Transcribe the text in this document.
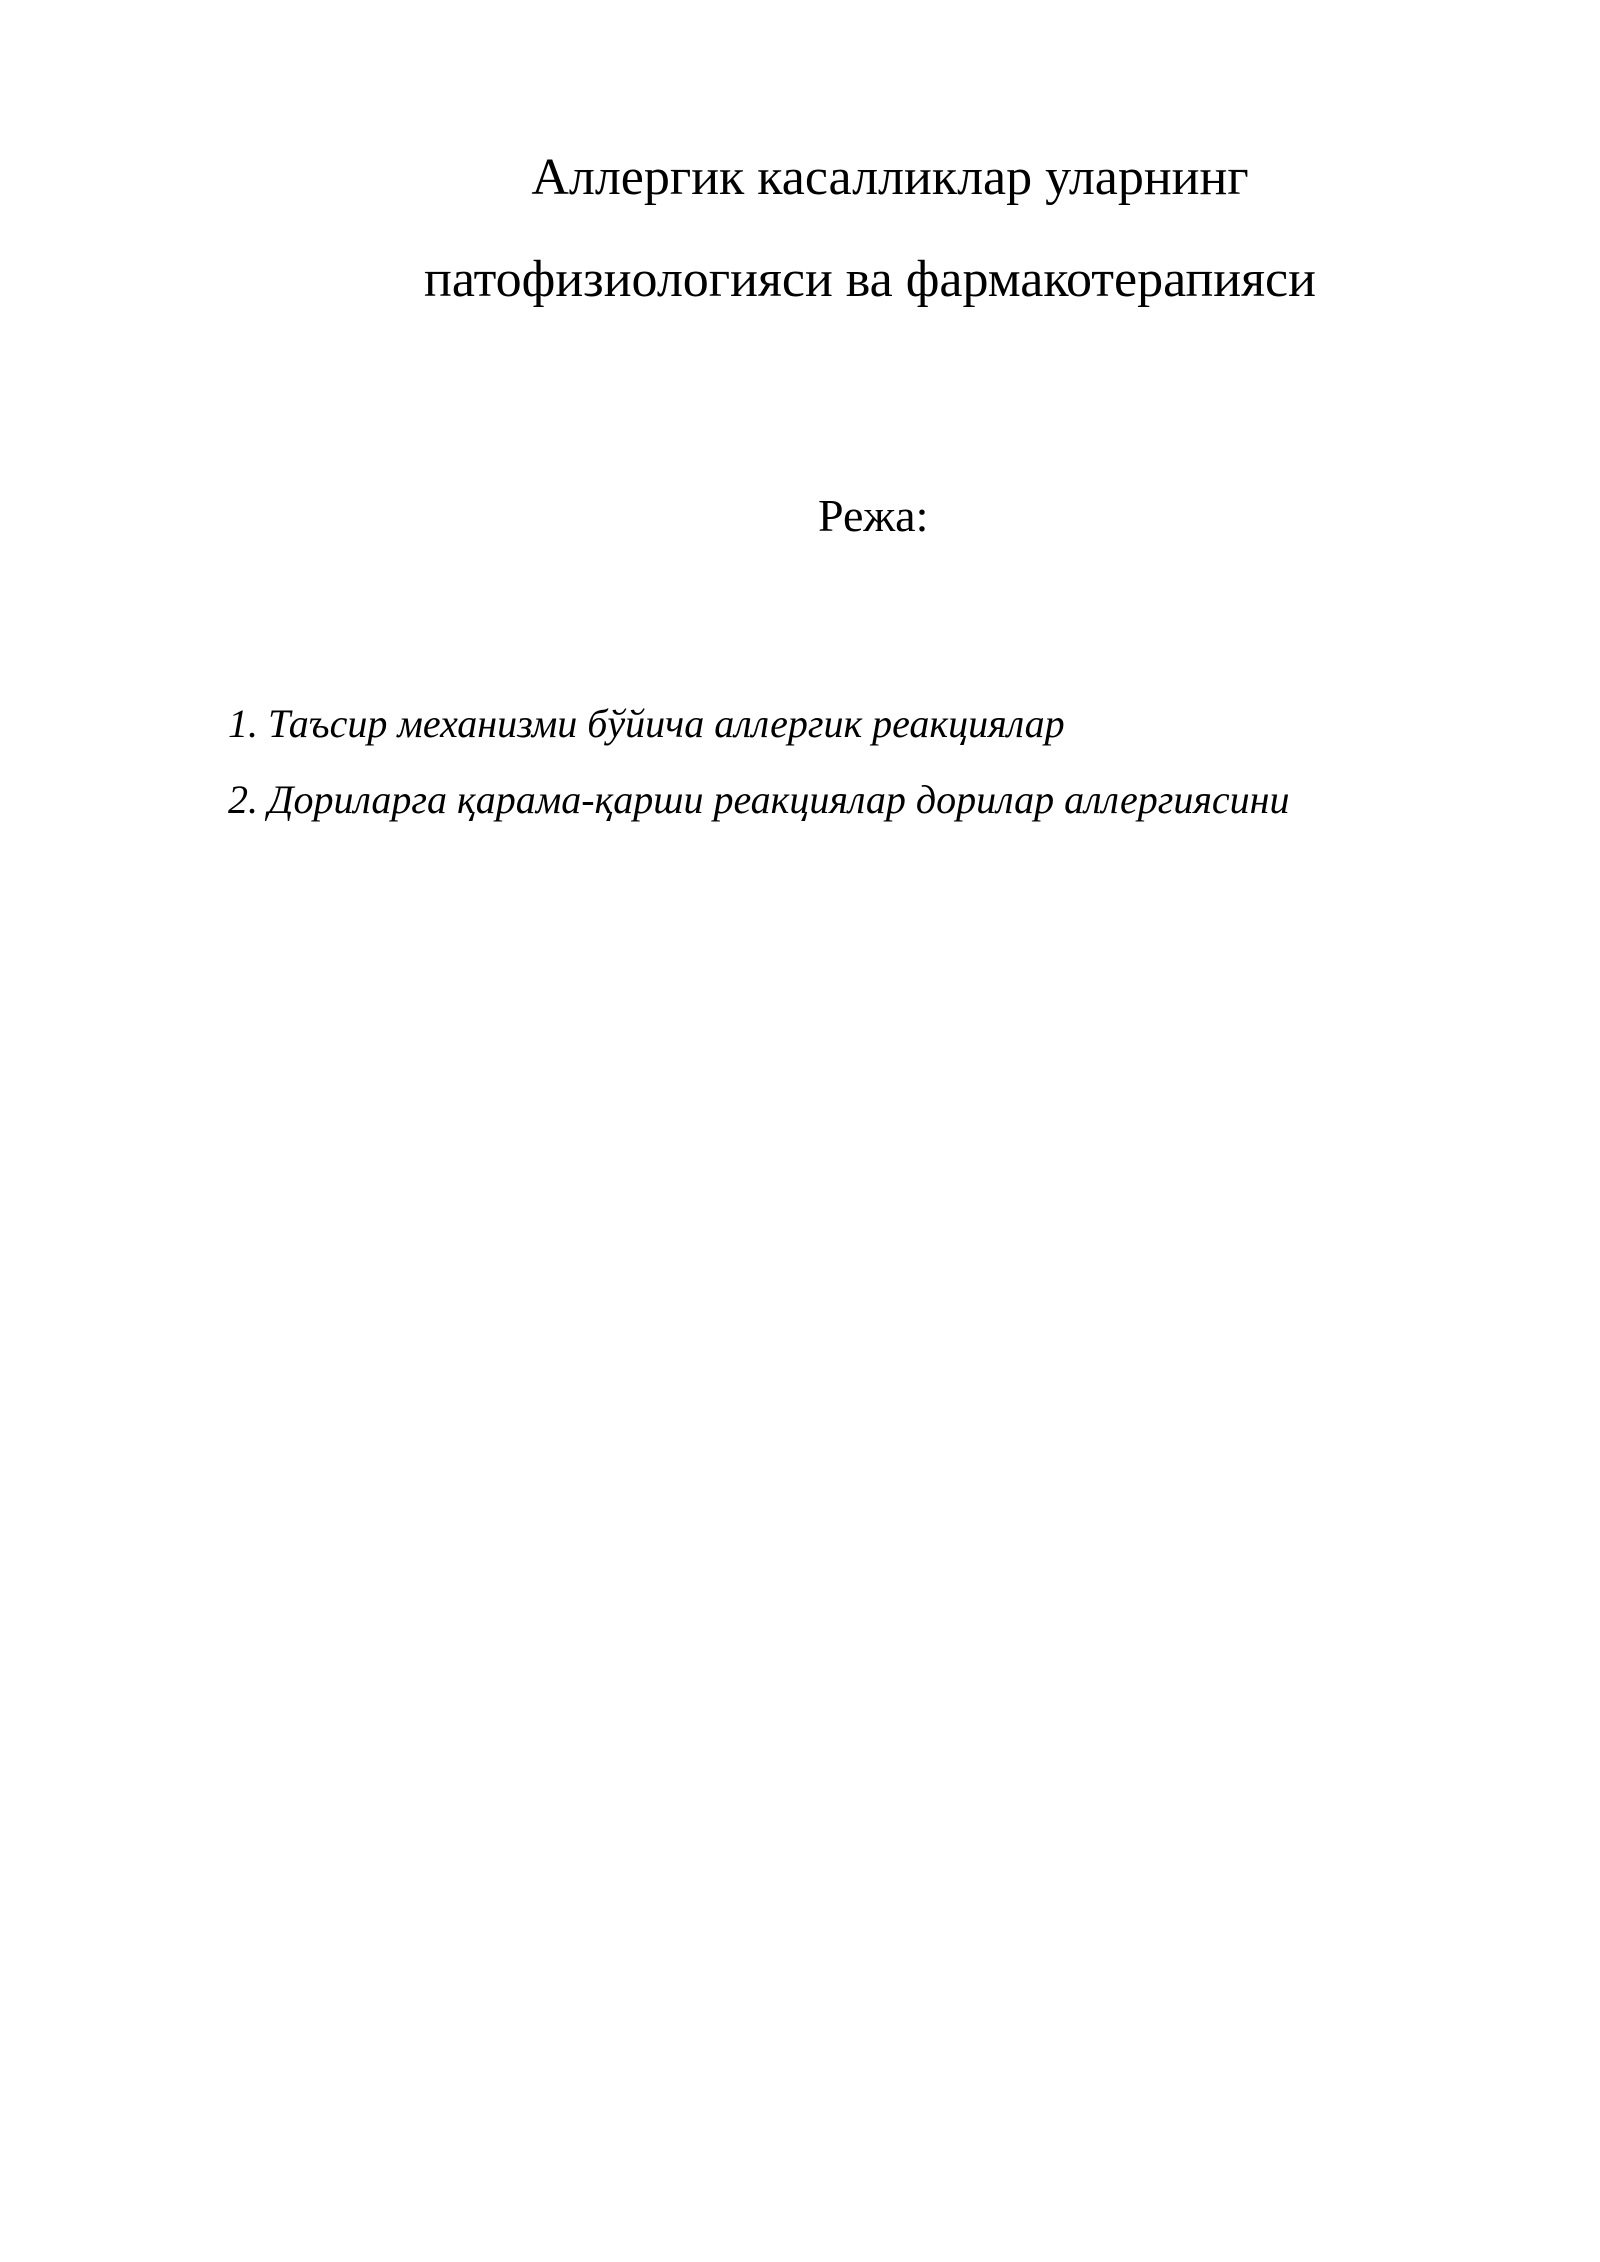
Аллергик касалликлар уларнинг
патофизиологияси ва фармакотерапияси
Режа:
1. Таъсир механизми бўйича аллергик реакциялар
2. Дориларга қарама-қарши реакциялар дорилар аллергиясини
